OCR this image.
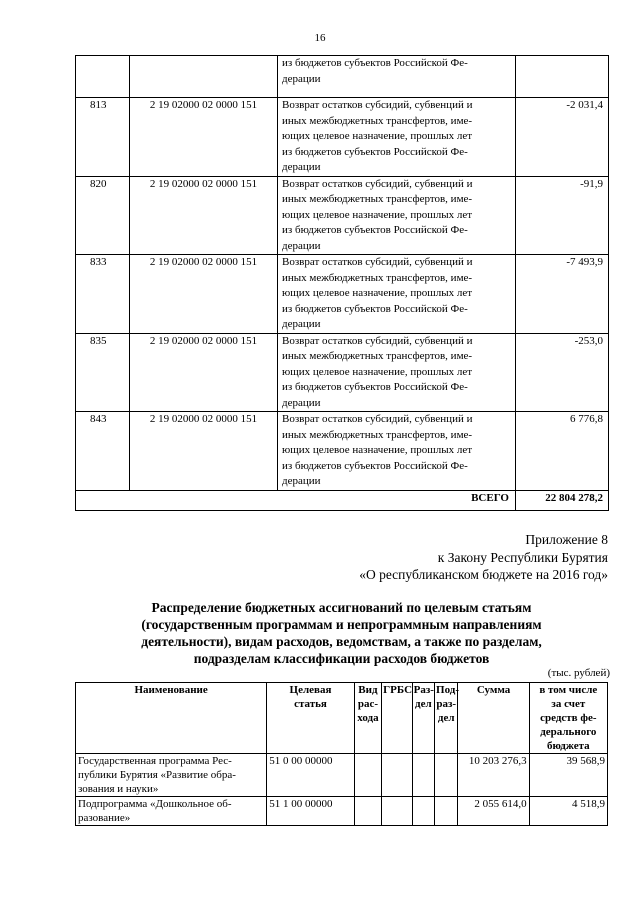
16
		из бюджетов субъектов Российской Фе-
дерации	
813	2 19 02000 02 0000 151	Возврат остатков субсидий, субвенций и
иных межбюджетных трансфертов, име-
ющих целевое назначение, прошлых лет
из бюджетов субъектов Российской Фе-
дерации	-2 031,4
820	2 19 02000 02 0000 151	Возврат остатков субсидий, субвенций и
иных межбюджетных трансфертов, име-
ющих целевое назначение, прошлых лет
из бюджетов субъектов Российской Фе-
дерации	-91,9
833	2 19 02000 02 0000 151	Возврат остатков субсидий, субвенций и
иных межбюджетных трансфертов, име-
ющих целевое назначение, прошлых лет
из бюджетов субъектов Российской Фе-
дерации	-7 493,9
835	2 19 02000 02 0000 151	Возврат остатков субсидий, субвенций и
иных межбюджетных трансфертов, име-
ющих целевое назначение, прошлых лет
из бюджетов субъектов Российской Фе-
дерации	-253,0
843	2 19 02000 02 0000 151	Возврат остатков субсидий, субвенций и
иных межбюджетных трансфертов, име-
ющих целевое назначение, прошлых лет
из бюджетов субъектов Российской Фе-
дерации	6 776,8
ВСЕГО			22 804 278,2
Приложение 8
к Закону Республики Бурятия
«О республиканском бюджете на 2016 год»
Распределение бюджетных ассигнований по целевым статьям
(государственным программам и непрограммным направлениям
деятельности), видам расходов, ведомствам, а также по разделам,
подразделам классификации расходов бюджетов
(тыс. рублей)
Наименование	Целевая
статья	Вид
рас-
хода	ГРБС	Раз-
дел	Под-
раз-
дел	Сумма	в том числе
за счет
средств фе-
дерального
бюджета
Государственная программа Рес-
публики Бурятия «Развитие обра-
зования и науки»	51 0 00 00000					10 203 276,3	39 568,9
Подпрограмма «Дошкольное об-
разование»	51 1 00 00000					2 055 614,0	4 518,9
